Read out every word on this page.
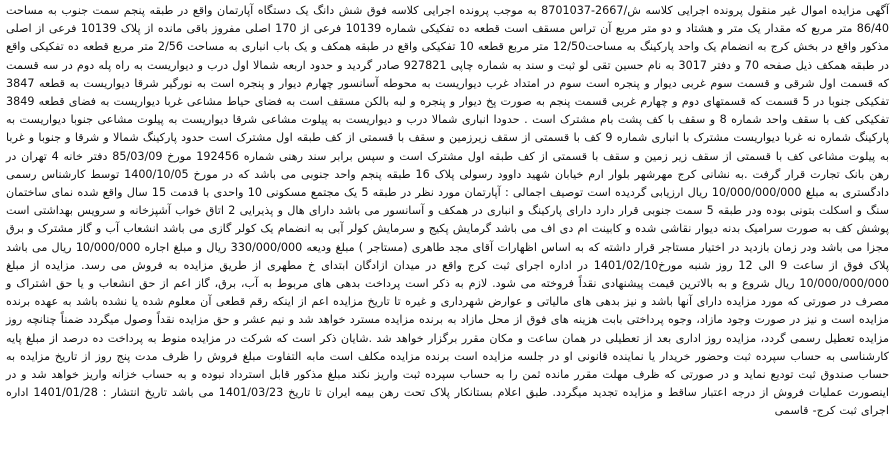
آگهی مزایده اموال غیر منقول پرونده اجرایی کلاسه ش/2667-8701037 به موجب پرونده اجرایی کلاسه فوق شش دانگ یک دستگاه آپارتمان واقع در طبقه پنجم سمت جنوب به مساحت 86/40 متر مربع که مقدار یک متر و هشتاد و دو متر مربع آن تراس مسقف است قطعه ده تفکیکی شماره 10139 فرعی از 170 اصلی مفروز باقی مانده از پلاک 10139 فرعی از اصلی مذکور واقع در بخش کرج به انضمام یک واحد پارکینگ به مساحت12/50 متر مربع قطعه 10 تفکیکی واقع در طبقه همکف و یک باب انباری به مساحت 2/56 متر مربع قطعه ده تفکیکی واقع در طبقه همکف ذیل صفحه 70 و دفتر 3017 به نام حسین تقی لو ثبت و سند به شماره چاپی 927821 صادر گردید و حدود اربعه شمالا اول درب و دیواریست به راه پله دوم در سه قسمت که قسمت اول شرقی و قسمت سوم غربی دیوار و پنجره است سوم در امتداد غرب دیواریست به محوطه آسانسور چهارم دیوار و پنجره است به نورگیر شرقا دیواریست به قطعه 3847 تفکیکی جنوبا در 5 قسمت که قسمتهای دوم و چهارم غربی قسمت پنجم به صورت پخ دیوار و پنجره و لبه بالکن مسقف است به فضای حیاط مشاعی غربا دیواریست به فضای قطعه 3849 تفکیکی کف با سقف واحد شماره 8 و سقف با کف پشت بام مشترک است . حدودا انباری شمالا درب و دیواریست به پیلوت مشاعی شرقا دیواریست به پیلوت مشاعی جنوبا دیواریست به پارکینگ شماره نه غربا دیواریست مشترک با انباری شماره 9 کف با قسمتی از سقف زیرزمین و سقف با قسمتی از کف طبقه اول مشترک است حدود پارکینگ شمالا و شرقا و جنوبا و غربا به پیلوت مشاعی کف با قسمتی از سقف زیر زمین و سقف با قسمتی از کف طبقه اول مشترک است و سپس برابر سند رهنی شماره 192456 مورخ 85/03/09 دفتر خانه 4 تهران در رهن بانک تجارت قرار گرفت .به نشانی کرج مهرشهر بلوار ارم خیابان شهید داوود رسولی پلاک 16 طبقه پنجم واحد جنوبی می باشد که در مورخ 1400/10/05 توسط کارشناس رسمی دادگستری به مبلغ 10/000/000/000 ریال ارزیابی گردیده است توصیف اجمالی : آپارتمان مورد نظر در طبقه 5 یک مجتمع مسکونی 10 واحدی با قدمت 15 سال واقع شده نمای ساختمان سنگ و اسکلت بتونی بوده ودر طبقه 5 سمت جنوبی قرار دارد دارای پارکینگ و انباری در همکف و آسانسور می باشد دارای هال و پذیرایی 2 اتاق خواب آشپزخانه و سرویس بهداشتی است پوشش کف به صورت سرامیک بدنه دیوار نقاشی شده و کابینت ام دی اف می باشد گرمایش پکیج و سرمایش کولر آبی به انضمام یک کولر گازی می باشد انشعاب آب و گاز مشترک و برق مجزا می باشد ودر زمان بازدید در اختیار مستاجر قرار داشته که به اساس اظهارات آقای مجد طاهری (مستاجر ) مبلغ ودیعه 330/000/000 ریال و مبلغ اجاره 10/000/000 ریال می باشد پلاک فوق از ساعت 9 الی 12 روز شنبه مورخ1401/02/10 در اداره اجرای ثبت کرج واقع در میدان ازادگان ابتدای خ مطهری از طریق مزایده به فروش می رسد. مزایده از مبلغ 10/000/000/000 ریال شروع و به بالاترین قیمت پیشنهادی نقداً فروخته می شود. لازم به ذکر است پرداخت بدهی های مربوط به آب، برق، گاز اعم از حق انشعاب و یا حق اشتراک و مصرف در صورتی که مورد مزایده دارای آنها باشد و نیز بدهی های مالیاتی و عوارض شهرداری و غیره تا تاریخ مزایده اعم از اینکه رقم قطعی آن معلوم شده یا نشده باشد به عهده برنده مزایده است و نیز در صورت وجود مازاد، وجوه پرداختی بابت هزینه های فوق از محل مازاد به برنده مزایده مسترد خواهد شد و نیم عشر و حق مزایده نقداً وصول میگردد ضمناً چنانچه روز مزایده تعطیل رسمی گردد، مزایده روز اداری بعد از تعطیلی در همان ساعت و مکان مقرر برگزار خواهد شد .شایان ذکر است که شرکت در مزایده منوط به پرداخت ده درصد از مبلغ پایه کارشناسی به حساب سپرده ثبت وحضور خریدار یا نماینده قانونی او در جلسه مزایده است برنده مزایده مکلف است مابه التفاوت مبلغ فروش را ظرف مدت پنج روز از تاریخ مزایده به حساب صندوق ثبت تودیع نماید و در صورتی که ظرف مهلت مقرر مانده ثمن را به حساب سپرده ثبت واریز نکند مبلغ مذکور قابل استرداد نبوده و به حساب خزانه واریز خواهد شد و در اینصورت عملیات فروش از درجه اعتبار ساقط و مزایده تجدید میگردد. طبق اعلام بستانکار پلاک تحت رهن بیمه ایران تا تاریخ 1401/03/23 می باشد تاریخ انتشار : 1401/01/28 اداره اجرای ثبت کرج- قاسمی
